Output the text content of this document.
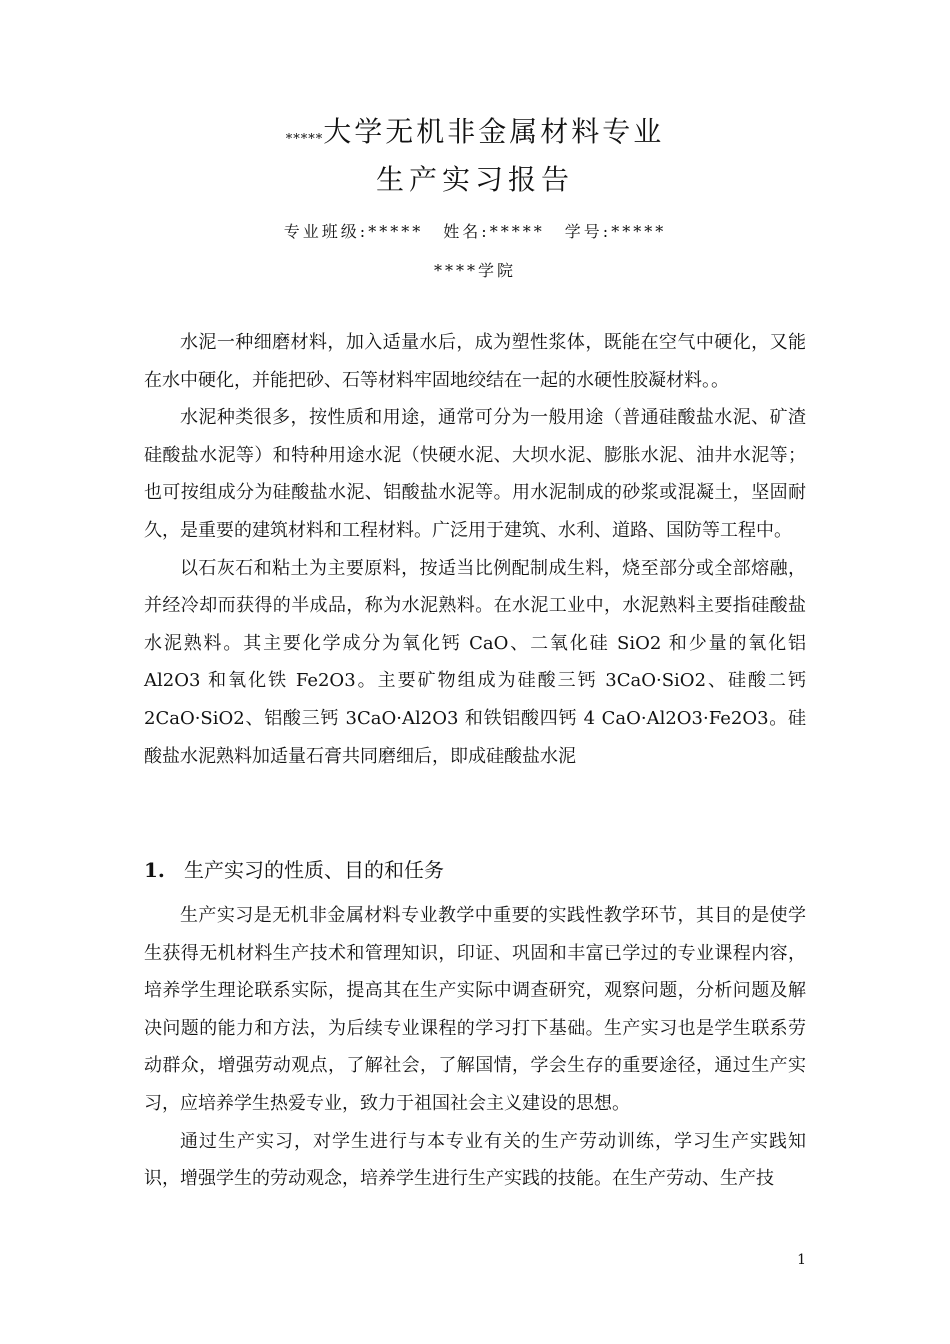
*****大学无机非金属材料专业
生产实习报告
专业班级:***** 姓名:***** 学号:*****
****学院

水泥一种细磨材料，加入适量水后，成为塑性浆体，既能在空气中硬化，又能在水中硬化，并能把砂、石等材料牢固地绞结在一起的水硬性胶凝材料。。

水泥种类很多，按性质和用途，通常可分为一般用途（普通硅酸盐水泥、矿渣硅酸盐水泥等）和特种用途水泥（快硬水泥、大坝水泥、膨胀水泥、油井水泥等；也可按组成分为硅酸盐水泥、铝酸盐水泥等。用水泥制成的砂浆或混凝土，坚固耐久，是重要的建筑材料和工程材料。广泛用于建筑、水利、道路、国防等工程中。

以石灰石和粘土为主要原料，按适当比例配制成生料，烧至部分或全部熔融，并经冷却而获得的半成品，称为水泥熟料。在水泥工业中，水泥熟料主要指硅酸盐水泥熟料。其主要化学成分为氧化钙 CaO、二氧化硅 SiO2 和少量的氧化铝 Al2O3 和氧化铁 Fe2O3。主要矿物组成为硅酸三钙 3CaO·SiO2、硅酸二钙 2CaO·SiO2、铝酸三钙 3CaO·Al2O3 和铁铝酸四钙 4 CaO·Al2O3·Fe2O3。硅酸盐水泥熟料加适量石膏共同磨细后，即成硅酸盐水泥

1. 生产实习的性质、目的和任务

生产实习是无机非金属材料专业教学中重要的实践性教学环节，其目的是使学生获得无机材料生产技术和管理知识，印证、巩固和丰富已学过的专业课程内容，培养学生理论联系实际，提高其在生产实际中调查研究，观察问题，分析问题及解决问题的能力和方法，为后续专业课程的学习打下基础。生产实习也是学生联系劳动群众，增强劳动观点，了解社会，了解国情，学会生存的重要途径，通过生产实习，应培养学生热爱专业，致力于祖国社会主义建设的思想。

通过生产实习，对学生进行与本专业有关的生产劳动训练，学习生产实践知识，增强学生的劳动观念，培养学生进行生产实践的技能。在生产劳动、生产技

1
